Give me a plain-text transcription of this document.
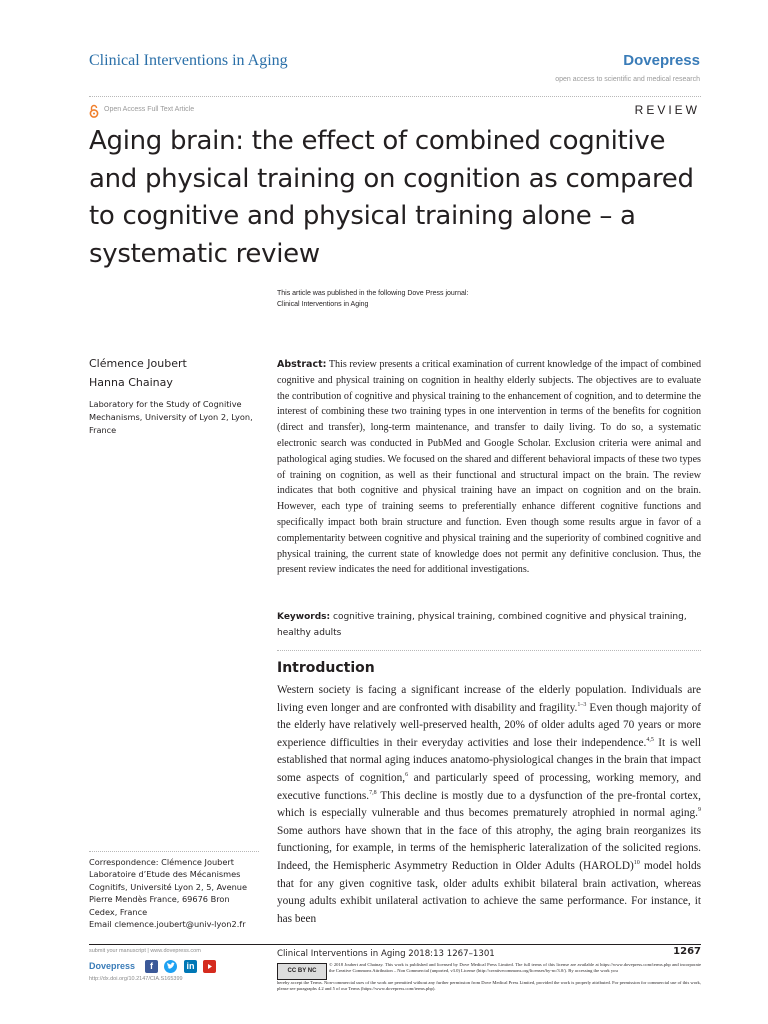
Clinical Interventions in Aging	Dovepress
open access to scientific and medical research
Open Access Full Text Article	REVIEW
Aging brain: the effect of combined cognitive and physical training on cognition as compared to cognitive and physical training alone – a systematic review
This article was published in the following Dove Press journal:
Clinical Interventions in Aging
Clémence Joubert
Hanna Chainay
Laboratory for the Study of Cognitive Mechanisms, University of Lyon 2, Lyon, France
Abstract: This review presents a critical examination of current knowledge of the impact of combined cognitive and physical training on cognition in healthy elderly subjects. The objectives are to evaluate the contribution of cognitive and physical training to the enhancement of cognition, and to determine the interest of combining these two training types in one intervention in terms of the benefits for cognition (direct and transfer), long-term maintenance, and transfer to daily living. To do so, a systematic electronic search was conducted in PubMed and Google Scholar. Exclusion criteria were animal and pathological aging studies. We focused on the shared and different behavioral impacts of these two types of training on cognition, as well as their functional and structural impact on the brain. The review indicates that both cognitive and physical training have an impact on cognition and on the brain. However, each type of training seems to preferentially enhance different cognitive functions and specifically impact both brain structure and function. Even though some results argue in favor of a complementarity between cognitive and physical training and the superiority of combined cognitive and physical training, the current state of knowledge does not permit any definitive conclusion. Thus, the present review indicates the need for additional investigations.
Keywords: cognitive training, physical training, combined cognitive and physical training, healthy adults
Introduction
Western society is facing a significant increase of the elderly population. Individuals are living even longer and are confronted with disability and fragility.$^{1-3}$ Even though majority of the elderly have relatively well-preserved health, 20% of older adults aged 70 years or more experience difficulties in their everyday activities and lose their independence.$^{4,5}$ It is well established that normal aging induces anatomo-physiological changes in the brain that impact some aspects of cognition,$^6$ and particularly speed of processing, working memory, and executive functions.$^{7,8}$ This decline is mostly due to a dysfunction of the pre-frontal cortex, which is especially vulnerable and thus becomes prematurely atrophied in normal aging.$^9$ Some authors have shown that in the face of this atrophy, the aging brain reorganizes its functioning, for example, in terms of the hemispheric lateralization of the solicited regions. Indeed, the Hemispheric Asymmetry Reduction in Older Adults (HAROLD)$^{10}$ model holds that for any given cognitive task, older adults exhibit bilateral brain activation, whereas young adults exhibit unilateral activation to achieve the same performance. For instance, it has been
Correspondence: Clémence Joubert
Laboratoire d’Etude des Mécanismes
Cognitifs, Université Lyon 2, 5, Avenue
Pierre Mendès France, 69676 Bron
Cedex, France
Email clemence.joubert@univ-lyon2.fr
submit your manuscript | www.dovepress.com
Dovepress
http://dx.doi.org/10.2147/CIA.S165399
f	in
Clinical Interventions in Aging 2018:13 1267–1301	1267
CC BY NC
© 2018 Joubert and Chainay. This work is published and licensed by Dove Medical Press Limited. The full terms of this license are available at https://www.dovepress.com/terms.php and incorporate the Creative Commons Attribution – Non Commercial (unported, v3.0) License (http://creativecommons.org/licenses/by-nc/3.0/). By accessing the work you
hereby accept the Terms. Non-commercial uses of the work are permitted without any further permission from Dove Medical Press Limited, provided the work is properly attributed. For permission for commercial use of this work, please see paragraphs 4.2 and 5 of our Terms (https://www.dovepress.com/terms.php).
